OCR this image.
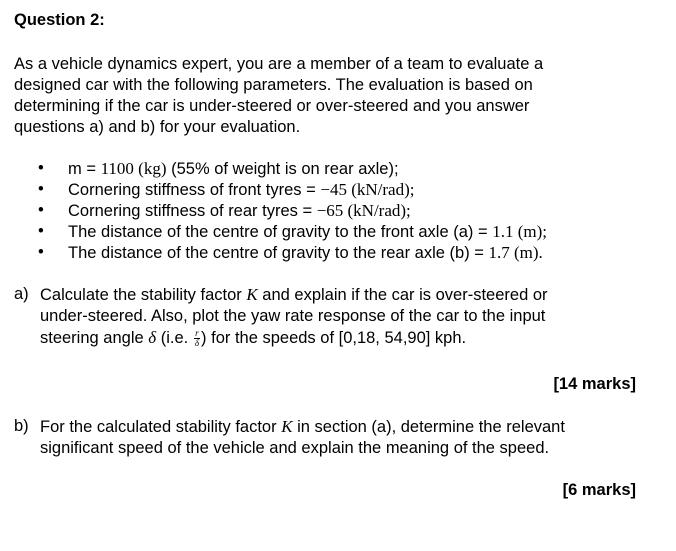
Question 2:
As a vehicle dynamics expert, you are a member of a team to evaluate a
designed car with the following parameters. The evaluation is based on
determining if the car is under-steered or over-steered and you answer
questions a) and b) for your evaluation.
• m = 1100 (kg) (55% of weight is on rear axle);
• Cornering stiffness of front tyres = −45 (kN/rad);
• Cornering stiffness of rear tyres = −65 (kN/rad);
• The distance of the centre of gravity to the front axle (a) = 1.1 (m);
• The distance of the centre of gravity to the rear axle (b) = 1.7 (m).
a) Calculate the stability factor K and explain if the car is over-steered or
under-steered. Also, plot the yaw rate response of the car to the input
steering angle δ (i.e. $\frac{r}{\delta}$ ) for the speeds of [0,18, 54,90] kph.
[14 marks]
b) For the calculated stability factor K in section (a), determine the relevant
significant speed of the vehicle and explain the meaning of the speed.
[6 marks]
